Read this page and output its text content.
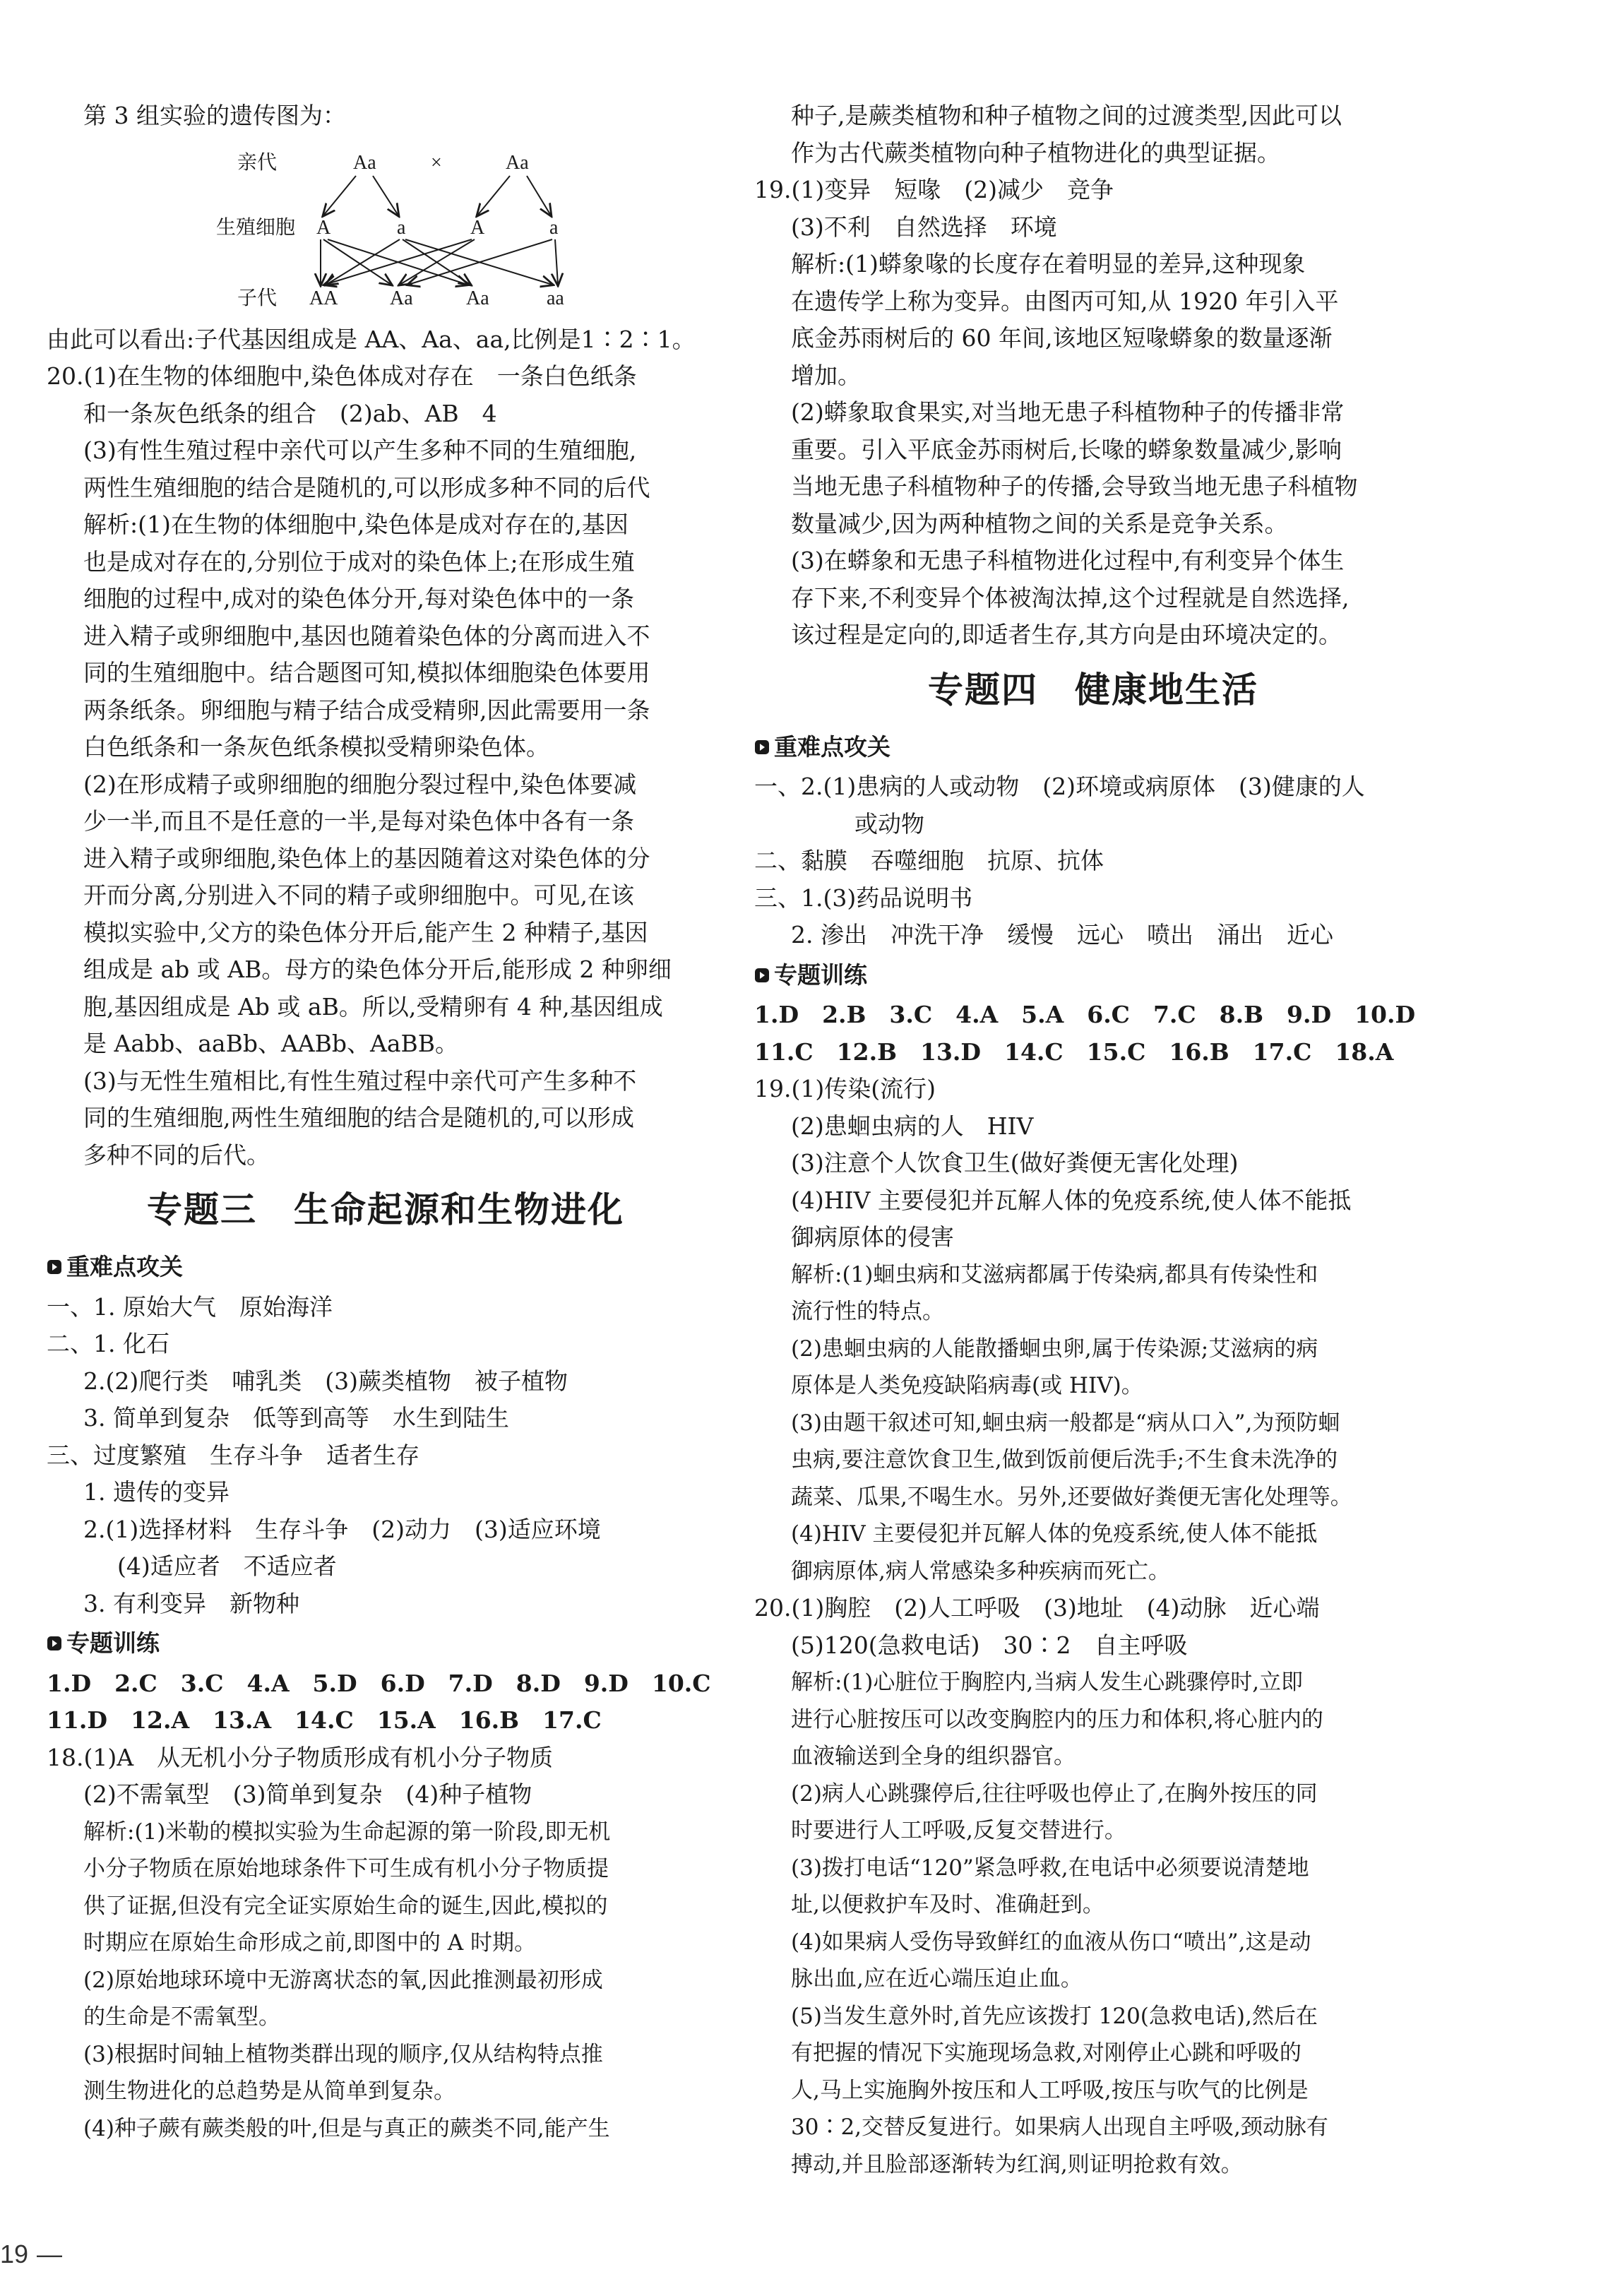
第 3 组实验的遗传图为：

亲代
生殖细胞
子代
Aa	×	Aa
A	a	A	a
AA	Aa	Aa	aa

由此可以看出:子代基因组成是 AA、Aa、aa,比例是1∶2∶1。

20.(1)在生物的体细胞中,染色体成对存在　一条白色纸条

和一条灰色纸条的组合　(2)ab、AB　4

(3)有性生殖过程中亲代可以产生多种不同的生殖细胞,

两性生殖细胞的结合是随机的,可以形成多种不同的后代

解析:(1)在生物的体细胞中,染色体是成对存在的,基因

也是成对存在的,分别位于成对的染色体上;在形成生殖

细胞的过程中,成对的染色体分开,每对染色体中的一条

进入精子或卵细胞中,基因也随着染色体的分离而进入不

同的生殖细胞中。结合题图可知,模拟体细胞染色体要用

两条纸条。卵细胞与精子结合成受精卵,因此需要用一条

白色纸条和一条灰色纸条模拟受精卵染色体。

(2)在形成精子或卵细胞的细胞分裂过程中,染色体要减

少一半,而且不是任意的一半,是每对染色体中各有一条

进入精子或卵细胞,染色体上的基因随着这对染色体的分

开而分离,分别进入不同的精子或卵细胞中。可见,在该

模拟实验中,父方的染色体分开后,能产生 2 种精子,基因

组成是 ab 或 AB。母方的染色体分开后,能形成 2 种卵细

胞,基因组成是 Ab 或 aB。所以,受精卵有 4 种,基因组成

是 Aabb、aaBb、AABb、AaBB。

(3)与无性生殖相比,有性生殖过程中亲代可产生多种不

同的生殖细胞,两性生殖细胞的结合是随机的,可以形成

多种不同的后代。

专题三　生命起源和生物进化
重难点攻关

一、1. 原始大气　原始海洋

二、1. 化石

2.(2)爬行类　哺乳类　(3)蕨类植物　被子植物

3. 简单到复杂　低等到高等　水生到陆生

三、过度繁殖　生存斗争　适者生存

1. 遗传的变异

2.(1)选择材料　生存斗争　(2)动力　(3)适应环境

(4)适应者　不适应者

3. 有利变异　新物种

专题训练

1.D　2.C　3.C　4.A　5.D　6.D　7.D　8.D　9.D　10.C

11.D　12.A　13.A　14.C　15.A　16.B　17.C

18.(1)A　从无机小分子物质形成有机小分子物质

(2)不需氧型　(3)简单到复杂　(4)种子植物

解析:(1)米勒的模拟实验为生命起源的第一阶段,即无机

小分子物质在原始地球条件下可生成有机小分子物质提

供了证据,但没有完全证实原始生命的诞生,因此,模拟的

时期应在原始生命形成之前,即图中的 A 时期。

(2)原始地球环境中无游离状态的氧,因此推测最初形成

的生命是不需氧型。

(3)根据时间轴上植物类群出现的顺序,仅从结构特点推

测生物进化的总趋势是从简单到复杂。

(4)种子蕨有蕨类般的叶,但是与真正的蕨类不同,能产生

种子,是蕨类植物和种子植物之间的过渡类型,因此可以

作为古代蕨类植物向种子植物进化的典型证据。

19.(1)变异　短喙　(2)减少　竞争

(3)不利　自然选择　环境

解析:(1)蟒象喙的长度存在着明显的差异,这种现象

在遗传学上称为变异。由图丙可知,从 1920 年引入平

底金苏雨树后的 60 年间,该地区短喙蟒象的数量逐渐

增加。

(2)蟒象取食果实,对当地无患子科植物种子的传播非常

重要。引入平底金苏雨树后,长喙的蟒象数量减少,影响

当地无患子科植物种子的传播,会导致当地无患子科植物

数量减少,因为两种植物之间的关系是竞争关系。

(3)在蟒象和无患子科植物进化过程中,有利变异个体生

存下来,不利变异个体被淘汰掉,这个过程就是自然选择,

该过程是定向的,即适者生存,其方向是由环境决定的。

专题四　健康地生活
重难点攻关

一、2.(1)患病的人或动物　(2)环境或病原体　(3)健康的人

或动物

二、黏膜　吞噬细胞　抗原、抗体

三、1.(3)药品说明书

2. 渗出　冲洗干净　缓慢　远心　喷出　涌出　近心

专题训练

1.D　2.B　3.C　4.A　5.A　6.C　7.C　8.B　9.D　10.D

11.C　12.B　13.D　14.C　15.C　16.B　17.C　18.A

19.(1)传染(流行)

(2)患蛔虫病的人　HIV

(3)注意个人饮食卫生(做好粪便无害化处理)

(4)HIV 主要侵犯并瓦解人体的免疫系统,使人体不能抵

御病原体的侵害

解析:(1)蛔虫病和艾滋病都属于传染病,都具有传染性和

流行性的特点。

(2)患蛔虫病的人能散播蛔虫卵,属于传染源;艾滋病的病

原体是人类免疫缺陷病毒(或 HIV)。

(3)由题干叙述可知,蛔虫病一般都是“病从口入”,为预防蛔

虫病,要注意饮食卫生,做到饭前便后洗手;不生食未洗净的

蔬菜、瓜果,不喝生水。另外,还要做好粪便无害化处理等。

(4)HIV 主要侵犯并瓦解人体的免疫系统,使人体不能抵

御病原体,病人常感染多种疾病而死亡。

20.(1)胸腔　(2)人工呼吸　(3)地址　(4)动脉　近心端

(5)120(急救电话)　30∶2　自主呼吸

解析:(1)心脏位于胸腔内,当病人发生心跳骤停时,立即

进行心脏按压可以改变胸腔内的压力和体积,将心脏内的

血液输送到全身的组织器官。

(2)病人心跳骤停后,往往呼吸也停止了,在胸外按压的同

时要进行人工呼吸,反复交替进行。

(3)拨打电话“120”紧急呼救,在电话中必须要说清楚地

址,以便救护车及时、准确赶到。

(4)如果病人受伤导致鲜红的血液从伤口“喷出”,这是动

脉出血,应在近心端压迫止血。

(5)当发生意外时,首先应该拨打 120(急救电话),然后在

有把握的情况下实施现场急救,对刚停止心跳和呼吸的

人,马上实施胸外按压和人工呼吸,按压与吹气的比例是

30∶2,交替反复进行。如果病人出现自主呼吸,颈动脉有

搏动,并且脸部逐渐转为红润,则证明抢救有效。

19 —
